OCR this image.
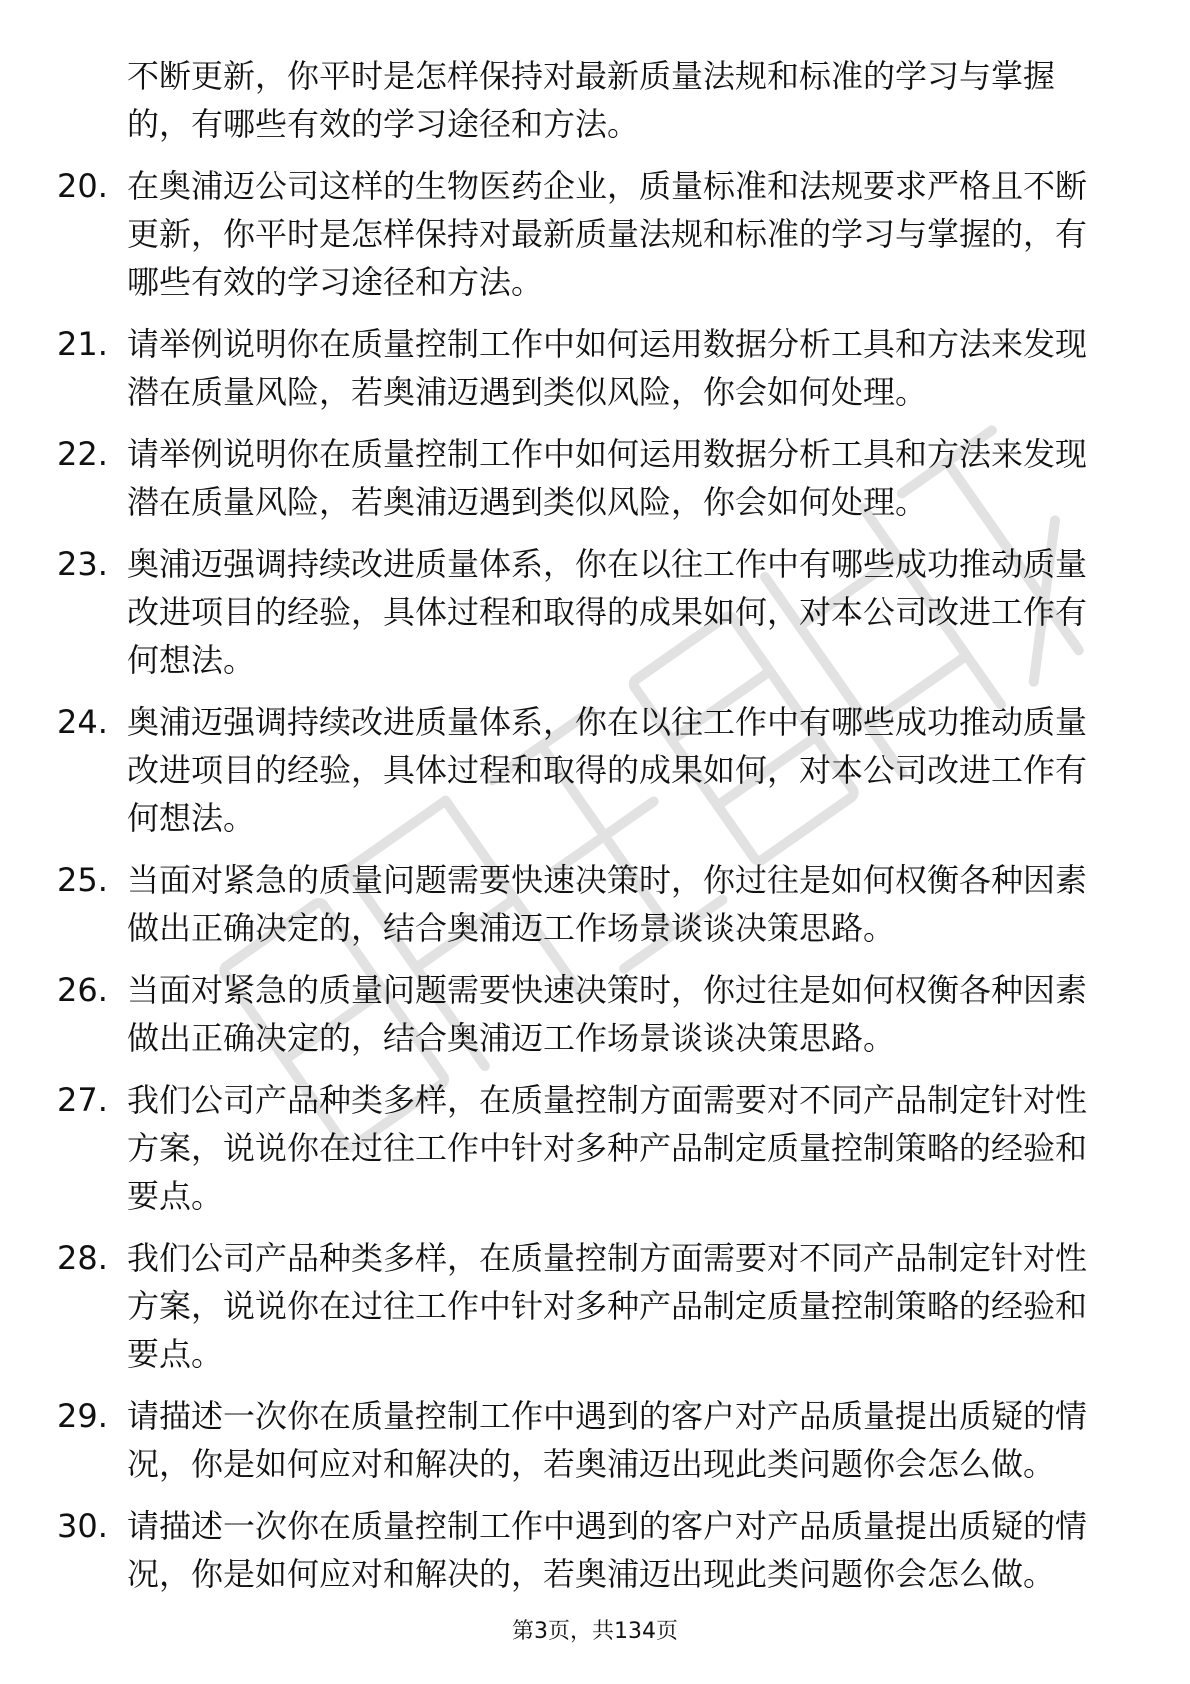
不断更新，你平时是怎样保持对最新质量法规和标准的学习与掌握的，有哪些有效的学习途径和方法。
20. 在奥浦迈公司这样的生物医药企业，质量标准和法规要求严格且不断更新，你平时是怎样保持对最新质量法规和标准的学习与掌握的，有哪些有效的学习途径和方法。
21. 请举例说明你在质量控制工作中如何运用数据分析工具和方法来发现潜在质量风险，若奥浦迈遇到类似风险，你会如何处理。
22. 请举例说明你在质量控制工作中如何运用数据分析工具和方法来发现潜在质量风险，若奥浦迈遇到类似风险，你会如何处理。
23. 奥浦迈强调持续改进质量体系，你在以往工作中有哪些成功推动质量改进项目的经验，具体过程和取得的成果如何，对本公司改进工作有何想法。
24. 奥浦迈强调持续改进质量体系，你在以往工作中有哪些成功推动质量改进项目的经验，具体过程和取得的成果如何，对本公司改进工作有何想法。
25. 当面对紧急的质量问题需要快速决策时，你过往是如何权衡各种因素做出正确决定的，结合奥浦迈工作场景谈谈决策思路。
26. 当面对紧急的质量问题需要快速决策时，你过往是如何权衡各种因素做出正确决定的，结合奥浦迈工作场景谈谈决策思路。
27. 我们公司产品种类多样，在质量控制方面需要对不同产品制定针对性方案，说说你在过往工作中针对多种产品制定质量控制策略的经验和要点。
28. 我们公司产品种类多样，在质量控制方面需要对不同产品制定针对性方案，说说你在过往工作中针对多种产品制定质量控制策略的经验和要点。
29. 请描述一次你在质量控制工作中遇到的客户对产品质量提出质疑的情况，你是如何应对和解决的，若奥浦迈出现此类问题你会怎么做。
30. 请描述一次你在质量控制工作中遇到的客户对产品质量提出质疑的情况，你是如何应对和解决的，若奥浦迈出现此类问题你会怎么做。
第3页，共134页
